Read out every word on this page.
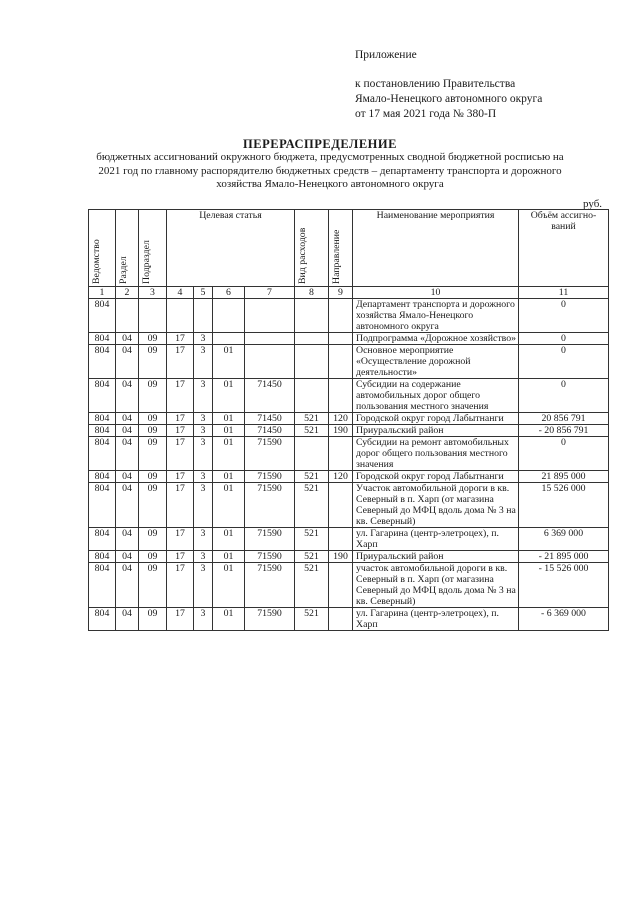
Приложение
к постановлению Правительства
Ямало-Ненецкого автономного округа
от 17 мая 2021 года № 380-П
ПЕРЕРАСПРЕДЕЛЕНИЕ
бюджетных ассигнований окружного бюджета, предусмотренных сводной бюджетной росписью на 2021 год по главному распорядителю бюджетных средств – департаменту транспорта и дорожного хозяйства Ямало-Ненецкого автономного округа
руб.
Ведомство	Раздел	Подраздел	Целевая статья				Вид расходов	Направление	Наименование мероприятия	Объём ассигно-ваний
1	2	3	4	5	6	7	8	9	10	11
804									Департамент транспорта и дорожного хозяйства Ямало-Ненецкого автономного округа	0
804	04	09	17	3					Подпрограмма «Дорожное хозяйство»	0
804	04	09	17	3	01				Основное мероприятие «Осуществление дорожной деятельности»	0
804	04	09	17	3	01	71450			Субсидии на содержание автомобильных дорог общего пользования местного значения	0
804	04	09	17	3	01	71450	521	120	Городской округ город Лабытнанги	20 856 791
804	04	09	17	3	01	71450	521	190	Приуральский район	- 20 856 791
804	04	09	17	3	01	71590			Субсидии на ремонт автомобильных дорог общего пользования местного значения	0
804	04	09	17	3	01	71590	521	120	Городской округ город Лабытнанги	21 895 000
804	04	09	17	3	01	71590	521		Участок автомобильной дороги в кв. Северный в п. Харп (от магазина Северный до МФЦ вдоль дома № 3 на кв. Северный)	15 526 000
804	04	09	17	3	01	71590	521		ул. Гагарина (центр-элетроцех), п. Харп	6 369 000
804	04	09	17	3	01	71590	521	190	Приуральский район	- 21 895 000
804	04	09	17	3	01	71590	521		участок автомобильной дороги в кв. Северный в п. Харп (от магазина Северный до МФЦ вдоль дома № 3 на кв. Северный)	- 15 526 000
804	04	09	17	3	01	71590	521		ул. Гагарина (центр-элетроцех), п. Харп	- 6 369 000
